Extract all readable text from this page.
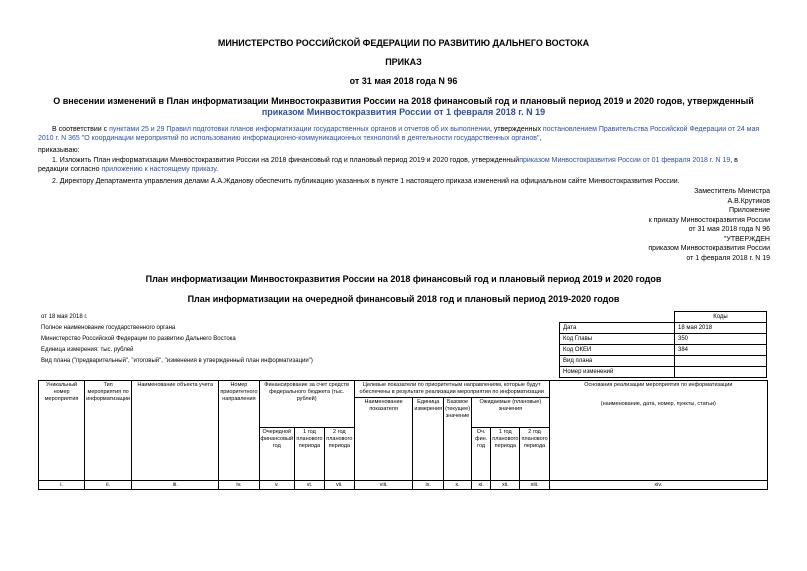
МИНИСТЕРСТВО РОССИЙСКОЙ ФЕДЕРАЦИИ ПО РАЗВИТИЮ ДАЛЬНЕГО ВОСТОКА
ПРИКАЗ
от 31 мая 2018 года N 96
О внесении изменений в План информатизации Минвостокразвития России на 2018 финансовый год и плановый период 2019 и 2020 годов, утвержденный
приказом Минвостокразвития России от 1 февраля 2018 г. N 19
В соответствии с пунктами 25 и 29 Правил подготовки планов информатизации государственных органов и отчетов об их выполнении, утвержденных постановлением Правительства Российской Федерации от 24 мая 2010 г. N 365 "О координации мероприятий по использованию информационно-коммуникационных технологий в деятельности государственных органов",
приказываю:
1. Изложить План информатизации Минвостокразвития России на 2018 финансовый год и плановый период 2019 и 2020 годов, утвержденныйприказом Минвостокразвития России от 01 февраля 2018 г. N 19, в редакции согласно приложению к настоящему приказу.
2. Директору Департамента управления делами А.А.Жданову обеспечить публикацию указанных в пункте 1 настоящего приказа изменений на официальном сайте Минвостокразвития России.
Заместитель Министра
А.В.Крутиков
Приложение
к приказу Минвостокразвития России
от 31 мая 2018 года N 96
"УТВЕРЖДЕН
приказом Минвостокразвития России
от 1 февраля 2018 г. N 19
План информатизации Минвостокразвития России на 2018 финансовый год и плановый период 2019 и 2020 годов
План информатизации на очередной финансовый 2018 год и плановый период 2019-2020 годов
от 18 мая 2018 г.		Коды
Полное наименование государственного органа	Дата	18 мая 2018
Министерство Российской Федерации по развитию Дальнего Востока	Код Главы	350
Единица измерения: тыс. рублей	Код ОКЕИ	384
Вид плана ("предварительный", "итоговый", "изменения в утвержденный план информатизации")	Вид плана	
	Номер изменений	
Уникальный номер мероприятия	Тип мероприятия по информатизации	Наименование объекта учета	Номер приоритетного направления	Финансирование за счет средств федерального бюджета (тыс. рублей)			Целевые показатели по приоритетным направлениям, которые будут обеспечены в результате реализации мероприятия по информатизации						Основания реализации мероприятия по информатизации
(наименование, дата, номер, пункты, статьи)

							Наименование показателя	Единица измерения	Базовое (текущее) значение	Ожидаемые (плановые) значения			
				Очередной финансовый год	1 год планового периода	2 год планового периода				Оч. фин. год	1 год планового периода	2 год планового периода	
i.	ii.	iii.	iv.	v.	vi.	vii.	viii.	ix.	x.	xi.	xii.	xiii.	xiv.
